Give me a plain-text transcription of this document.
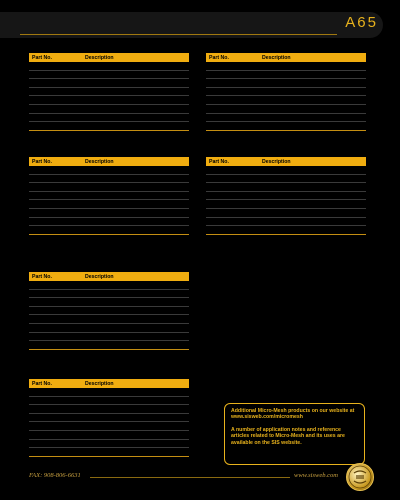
A65
Part No.	Description	Part No.	Description
Part No.	Description	Part No.	Description
Part No.	Description
Part No.	Description

Additional Micro-Mesh products on our website at www.sisweb.com/micromesh

A number of application notes and reference articles related to Micro-Mesh and its uses are available on the SIS website.

FAX: 908-806-6631	www.sisweb.com
